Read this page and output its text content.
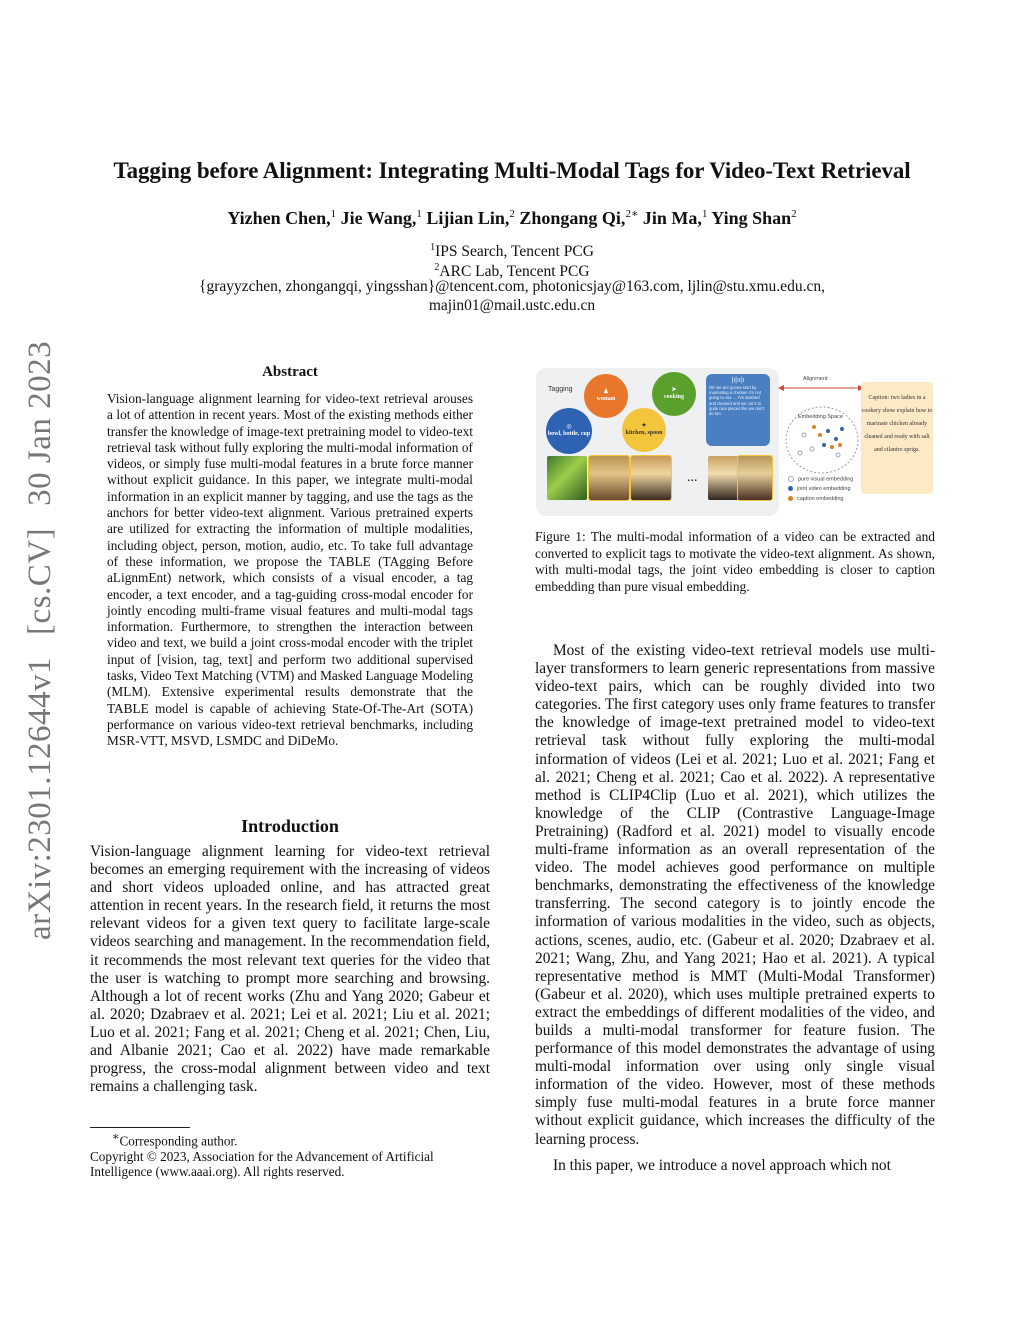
arXiv:2301.12644v1[cs.CV]30 Jan 2023
Tagging before Alignment: Integrating Multi-Modal Tags for Video-Text Retrieval
Yizhen Chen,$^1$ Jie Wang,$^1$ Lijian Lin,$^2$ Zhongang Qi,$^{2∗}$ Jin Ma,$^1$ Ying Shan$^2$
$^1$IPS Search, Tencent PCG
$^2$ARC Lab, Tencent PCG
{grayyzchen, zhongangqi, yingsshan}@tencent.com, photonicsjay@163.com, ljlin@stu.xmu.edu.cn,
majin01@mail.ustc.edu.cn
Abstract
Vision-language alignment learning for video-text retrieval arouses a lot of attention in recent years. Most of the existing methods either transfer the knowledge of image-text pretraining model to video-text retrieval task without fully exploring the multi-modal information of videos, or simply fuse multi-modal features in a brute force manner without explicit guidance. In this paper, we integrate multi-modal information in an explicit manner by tagging, and use the tags as the anchors for better video-text alignment. Various pretrained experts are utilized for extracting the information of multiple modalities, including object, person, motion, audio, etc. To take full advantage of these information, we propose the TABLE (TAgging Before aLignmEnt) network, which consists of a visual encoder, a tag encoder, a text encoder, and a tag-guiding cross-modal encoder for jointly encoding multi-frame visual features and multi-modal tags information. Furthermore, to strengthen the interaction between video and text, we build a joint cross-modal encoder with the triplet input of [vision, tag, text] and perform two additional supervised tasks, Video Text Matching (VTM) and Masked Language Modeling (MLM). Extensive experimental results demonstrate that the TABLE model is capable of achieving State-Of-The-Art (SOTA) performance on various video-text retrieval benchmarks, including MSR-VTT, MSVD, LSMDC and DiDeMo.
Introduction
Vision-language alignment learning for video-text retrieval becomes an emerging requirement with the increasing of videos and short videos uploaded online, and has attracted great attention in recent years. In the research field, it returns the most relevant videos for a given text query to facilitate large-scale videos searching and management. In the recommendation field, it recommends the most relevant text queries for the video that the user is watching to prompt more searching and browsing. Although a lot of recent works (Zhu and Yang 2020; Gabeur et al. 2020; Dzabraev et al. 2021; Lei et al. 2021; Liu et al. 2021; Luo et al. 2021; Fang et al. 2021; Cheng et al. 2021; Chen, Liu, and Albanie 2021; Cao et al. 2022) have made remarkable progress, the cross-modal alignment between video and text remains a challenging task.
∗Corresponding author.
Copyright © 2023, Association for the Advancement of Artificial Intelligence (www.aaai.org). All rights reserved.
Tagging	♟
woman
➤
cooking
◎
bowl, bottle, cup
✦
kitchen, spoon
|ı|ıı|ı
OK we are gonna start by marinating a chicken I'm not going to use ... I've washed and cleaned and we cut it to quite nice pieces like we don't do too
...
Alignment
Embedding Space
pure visual embedding
joint video embedding
caption embedding
Caption: two ladies in a cookery show explain how to marinate chicken already cleaned and ready with salt and cilantro sprigs.
Figure 1: The multi-modal information of a video can be extracted and converted to explicit tags to motivate the video-text alignment. As shown, with multi-modal tags, the joint video embedding is closer to caption embedding than pure visual embedding.
Most of the existing video-text retrieval models use multi-layer transformers to learn generic representations from massive video-text pairs, which can be roughly divided into two categories. The first category uses only frame features to transfer the knowledge of image-text pretrained model to video-text retrieval task without fully exploring the multi-modal information of videos (Lei et al. 2021; Luo et al. 2021; Fang et al. 2021; Cheng et al. 2021; Cao et al. 2022). A representative method is CLIP4Clip (Luo et al. 2021), which utilizes the knowledge of the CLIP (Contrastive Language-Image Pretraining) (Radford et al. 2021) model to visually encode multi-frame information as an overall representation of the video. The model achieves good performance on multiple benchmarks, demonstrating the effectiveness of the knowledge transferring. The second category is to jointly encode the information of various modalities in the video, such as objects, actions, scenes, audio, etc. (Gabeur et al. 2020; Dzabraev et al. 2021; Wang, Zhu, and Yang 2021; Hao et al. 2021). A typical representative method is MMT (Multi-Modal Transformer) (Gabeur et al. 2020), which uses multiple pretrained experts to extract the embeddings of different modalities of the video, and builds a multi-modal transformer for feature fusion. The performance of this model demonstrates the advantage of using multi-modal information over using only single visual information of the video. However, most of these methods simply fuse multi-modal features in a brute force manner without explicit guidance, which increases the difficulty of the learning process.
In this paper, we introduce a novel approach which not
